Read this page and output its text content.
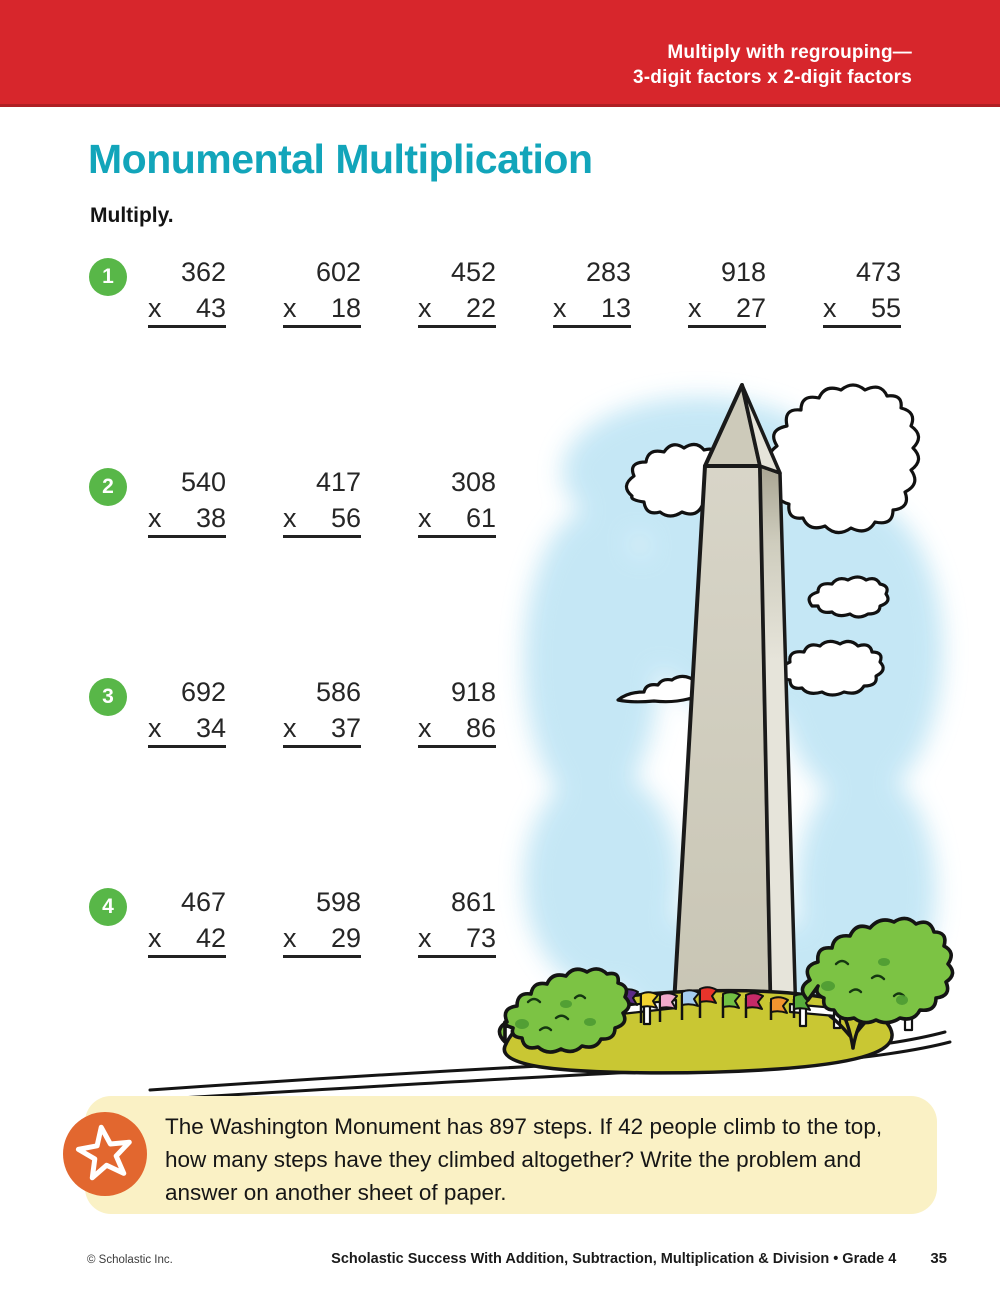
Multiply with regrouping—
3-digit factors x 2-digit factors
Monumental Multiplication
Multiply.
1	362
x 43
602
x 18
452
x 22
283
x 13
918
x 27
473
x 55
2	540
x 38
417
x 56
308
x 61
3	692
x 34
586
x 37
918
x 86
4	467
x 42
598
x 29
861
x 73
The Washington Monument has 897 steps. If 42 people climb to the top, how many steps have they climbed altogether? Write the problem and answer on another sheet of paper.
© Scholastic Inc.	Scholastic Success With Addition, Subtraction, Multiplication & Division • Grade 4 35
